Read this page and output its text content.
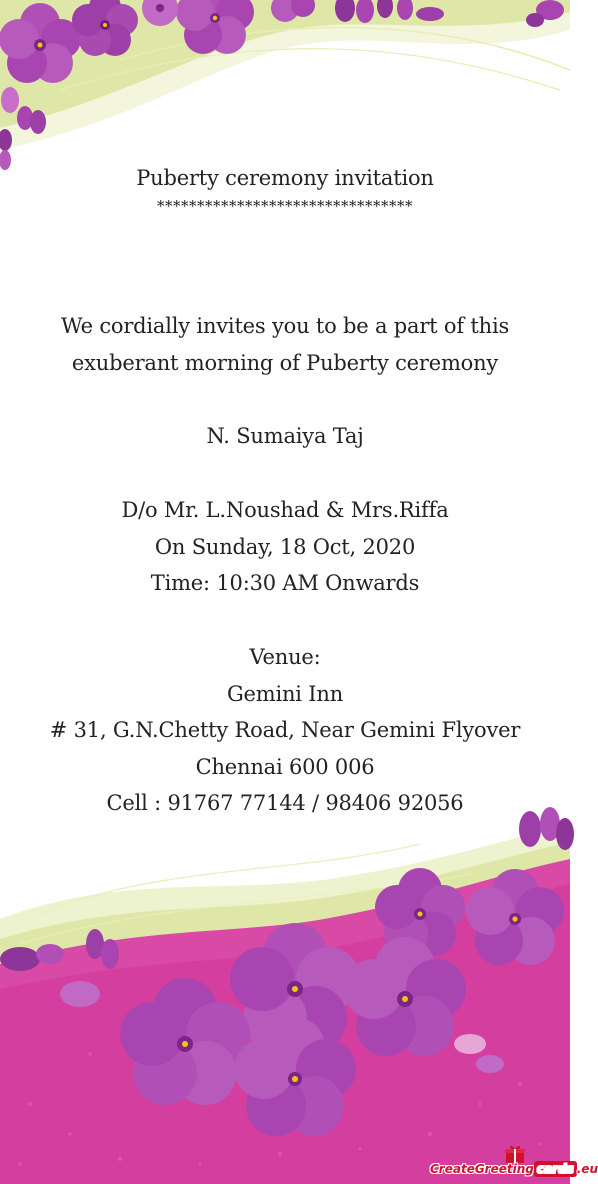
Puberty ceremony invitation
********************************
We cordially invites you to be a part of this
exuberant morning of Puberty ceremony
N. Sumaiya Taj
D/o Mr. L.Noushad & Mrs.Riffa
On Sunday, 18 Oct, 2020
Time: 10:30 AM Onwards
Venue:
Gemini Inn
# 31, G.N.Chetty Road, Near Gemini Flyover
Chennai 600 006
Cell : 91767 77144 / 98406 92056
CreateGreeting cards .eu
